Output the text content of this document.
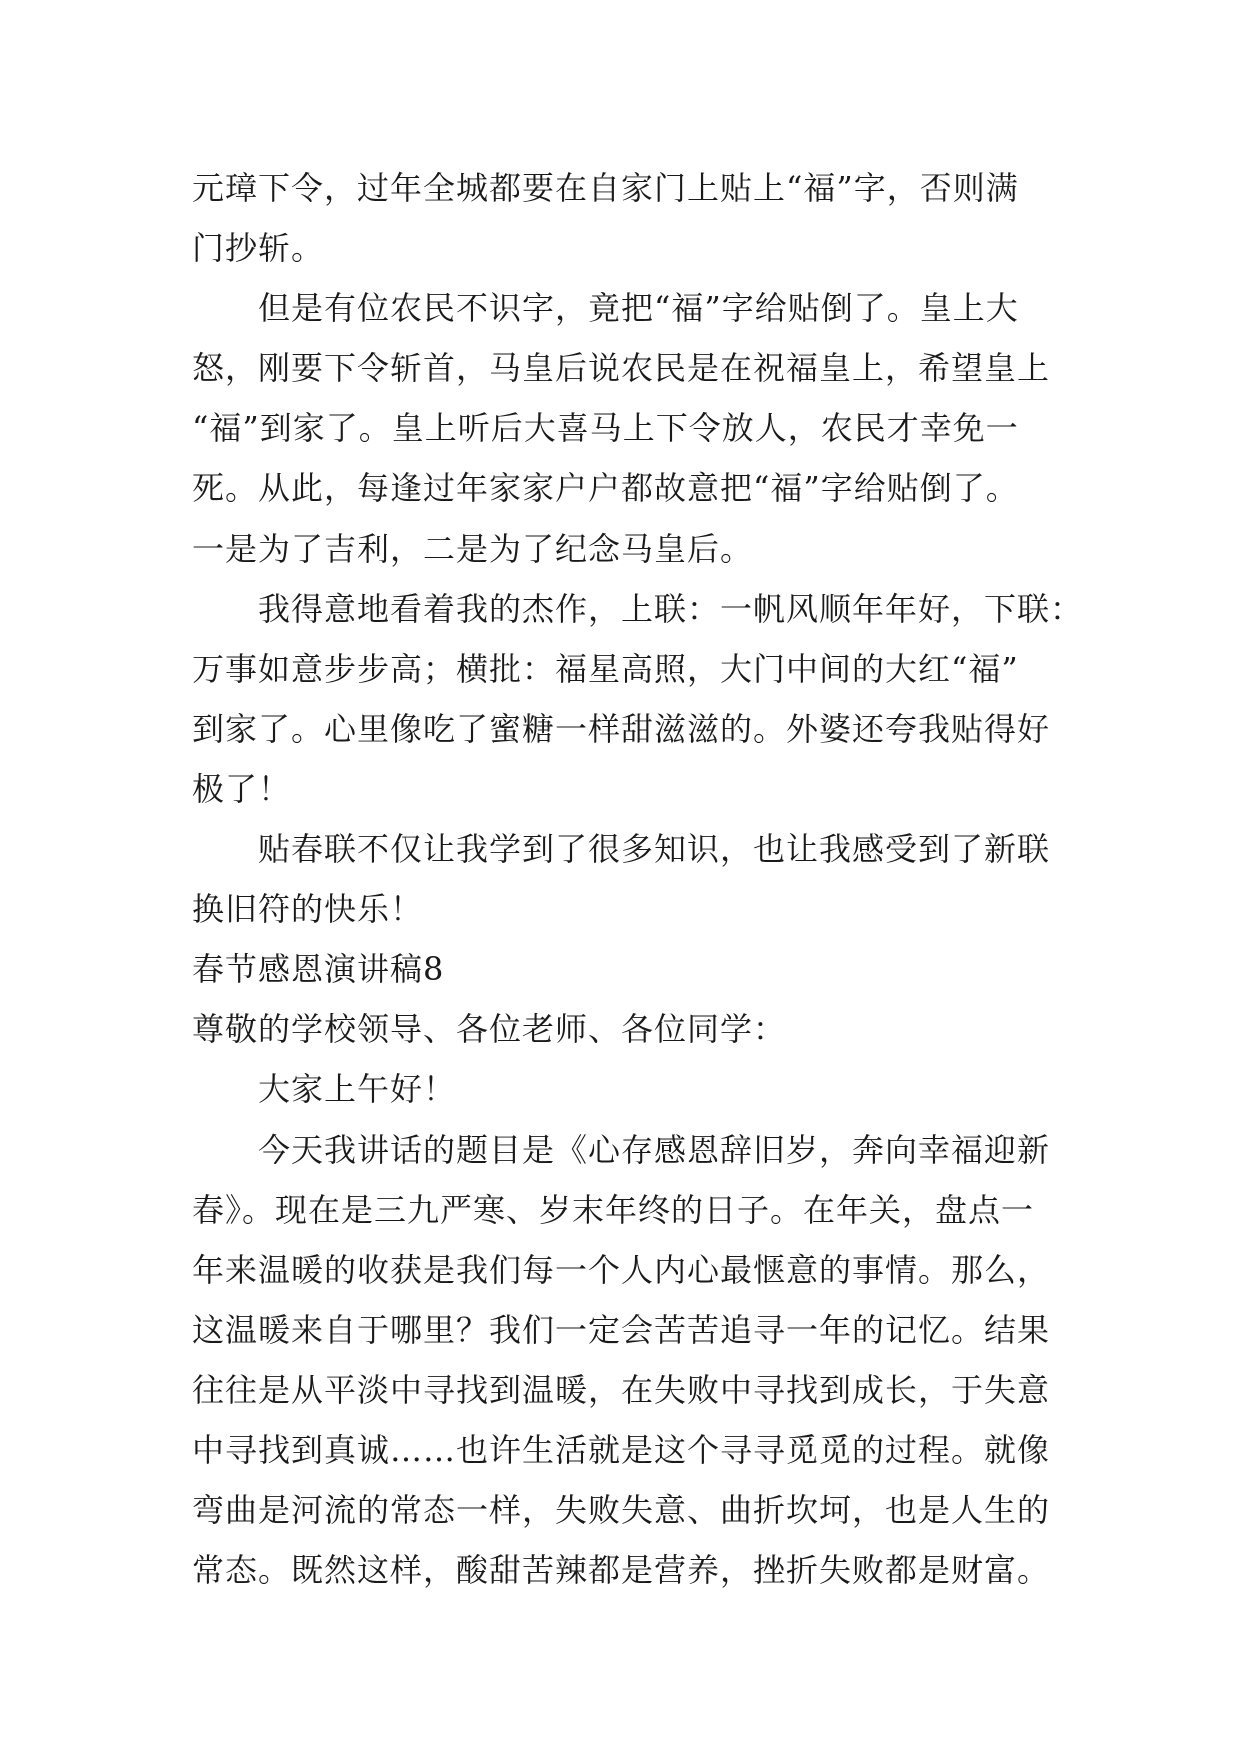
元璋下令，过年全城都要在自家门上贴上“福”字，否则满
门抄斩。
但是有位农民不识字，竟把“福”字给贴倒了。皇上大
怒，刚要下令斩首，马皇后说农民是在祝福皇上，希望皇上
“福”到家了。皇上听后大喜马上下令放人，农民才幸免一
死。从此，每逢过年家家户户都故意把“福”字给贴倒了。
一是为了吉利，二是为了纪念马皇后。
我得意地看着我的杰作，上联：一帆风顺年年好，下联：
万事如意步步高；横批：福星高照，大门中间的大红“福”
到家了。心里像吃了蜜糖一样甜滋滋的。外婆还夸我贴得好
极了！
贴春联不仅让我学到了很多知识，也让我感受到了新联
换旧符的快乐！
春节感恩演讲稿8
尊敬的学校领导、各位老师、各位同学：
大家上午好！
今天我讲话的题目是《心存感恩辞旧岁，奔向幸福迎新
春》。现在是三九严寒、岁末年终的日子。在年关，盘点一
年来温暖的收获是我们每一个人内心最惬意的事情。那么，
这温暖来自于哪里？我们一定会苦苦追寻一年的记忆。结果
往往是从平淡中寻找到温暖，在失败中寻找到成长，于失意
中寻找到真诚……也许生活就是这个寻寻觅觅的过程。就像
弯曲是河流的常态一样，失败失意、曲折坎坷，也是人生的
常态。既然这样，酸甜苦辣都是营养，挫折失败都是财富。
